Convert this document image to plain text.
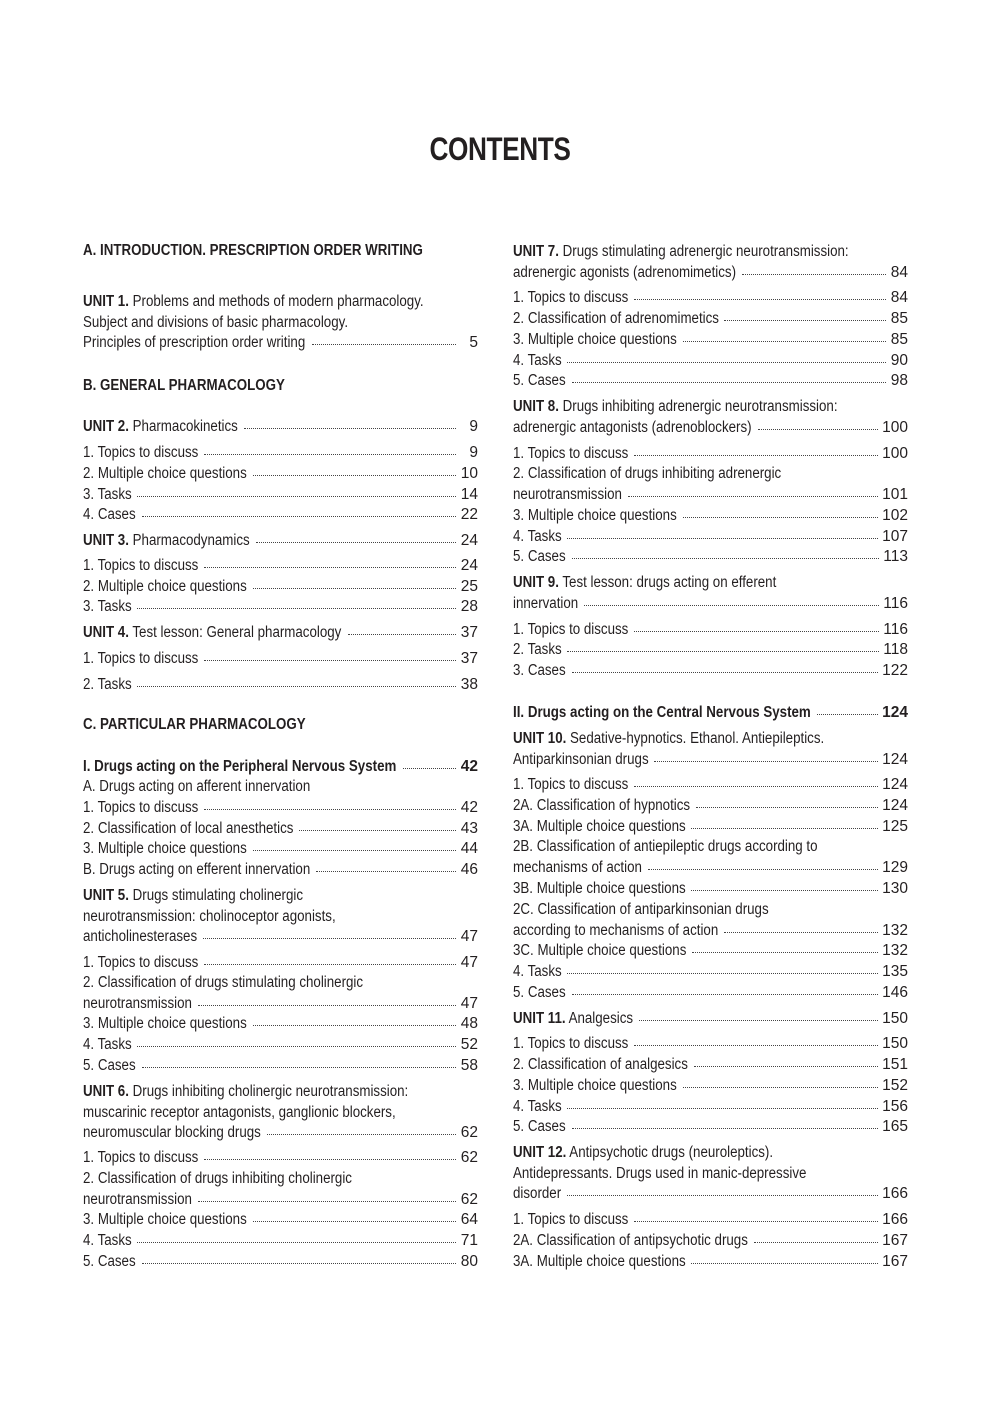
CONTENTS
A. INTRODUCTION. PRESCRIPTION ORDER WRITING
UNIT 1. Problems and methods of modern pharmacology.
Subject and divisions of basic pharmacology.
Principles of prescription order writing	5
B. GENERAL PHARMACOLOGY
UNIT 2. Pharmacokinetics	9
1. Topics to discuss	9
2. Multiple choice questions	10
3. Tasks	14
4. Cases	22
UNIT 3. Pharmacodynamics	24
1. Topics to discuss	24
2. Multiple choice questions	25
3. Tasks	28
UNIT 4. Test lesson: General pharmacology	37
1. Topics to discuss	37
2. Tasks	38
C. PARTICULAR PHARMACOLOGY
I. Drugs acting on the Peripheral Nervous System	42
A. Drugs acting on afferent innervation
1. Topics to discuss	42
2. Classification of local anesthetics	43
3. Multiple choice questions	44
B. Drugs acting on efferent innervation	46
UNIT 5. Drugs stimulating cholinergic
neurotransmission: cholinoceptor agonists,
anticholinesterases	47
1. Topics to discuss	47
2. Classification of drugs stimulating cholinergic
neurotransmission	47
3. Multiple choice questions	48
4. Tasks	52
5. Cases	58
UNIT 6. Drugs inhibiting cholinergic neurotransmission:
muscarinic receptor antagonists, ganglionic blockers,
neuromuscular blocking drugs	62
1. Topics to discuss	62
2. Classification of drugs inhibiting cholinergic
neurotransmission	62
3. Multiple choice questions	64
4. Tasks	71
5. Cases	80
UNIT 7. Drugs stimulating adrenergic neurotransmission:
adrenergic agonists (adrenomimetics)	84
1. Topics to discuss	84
2. Classification of adrenomimetics	85
3. Multiple choice questions	85
4. Tasks	90
5. Cases	98
UNIT 8. Drugs inhibiting adrenergic neurotransmission:
adrenergic antagonists (adrenoblockers)	100
1. Topics to discuss	100
2. Classification of drugs inhibiting adrenergic
neurotransmission	101
3. Multiple choice questions	102
4. Tasks	107
5. Cases	113
UNIT 9. Test lesson: drugs acting on efferent
innervation	116
1. Topics to discuss	116
2. Tasks	118
3. Cases	122
II. Drugs acting on the Central Nervous System	124
UNIT 10. Sedative-hypnotics. Ethanol. Antiepileptics.
Antiparkinsonian drugs	124
1. Topics to discuss	124
2A. Classification of hypnotics	124
3A. Multiple choice questions	125
2B. Classification of antiepileptic drugs according to
mechanisms of action	129
3B. Multiple choice questions	130
2C. Classification of antiparkinsonian drugs
according to mechanisms of action	132
3C. Multiple choice questions	132
4. Tasks	135
5. Cases	146
UNIT 11. Analgesics	150
1. Topics to discuss	150
2. Classification of analgesics	151
3. Multiple choice questions	152
4. Tasks	156
5. Cases	165
UNIT 12. Antipsychotic drugs (neuroleptics).
Antidepressants. Drugs used in manic-depressive
disorder	166
1. Topics to discuss	166
2A. Classification of antipsychotic drugs	167
3A. Multiple choice questions	167
